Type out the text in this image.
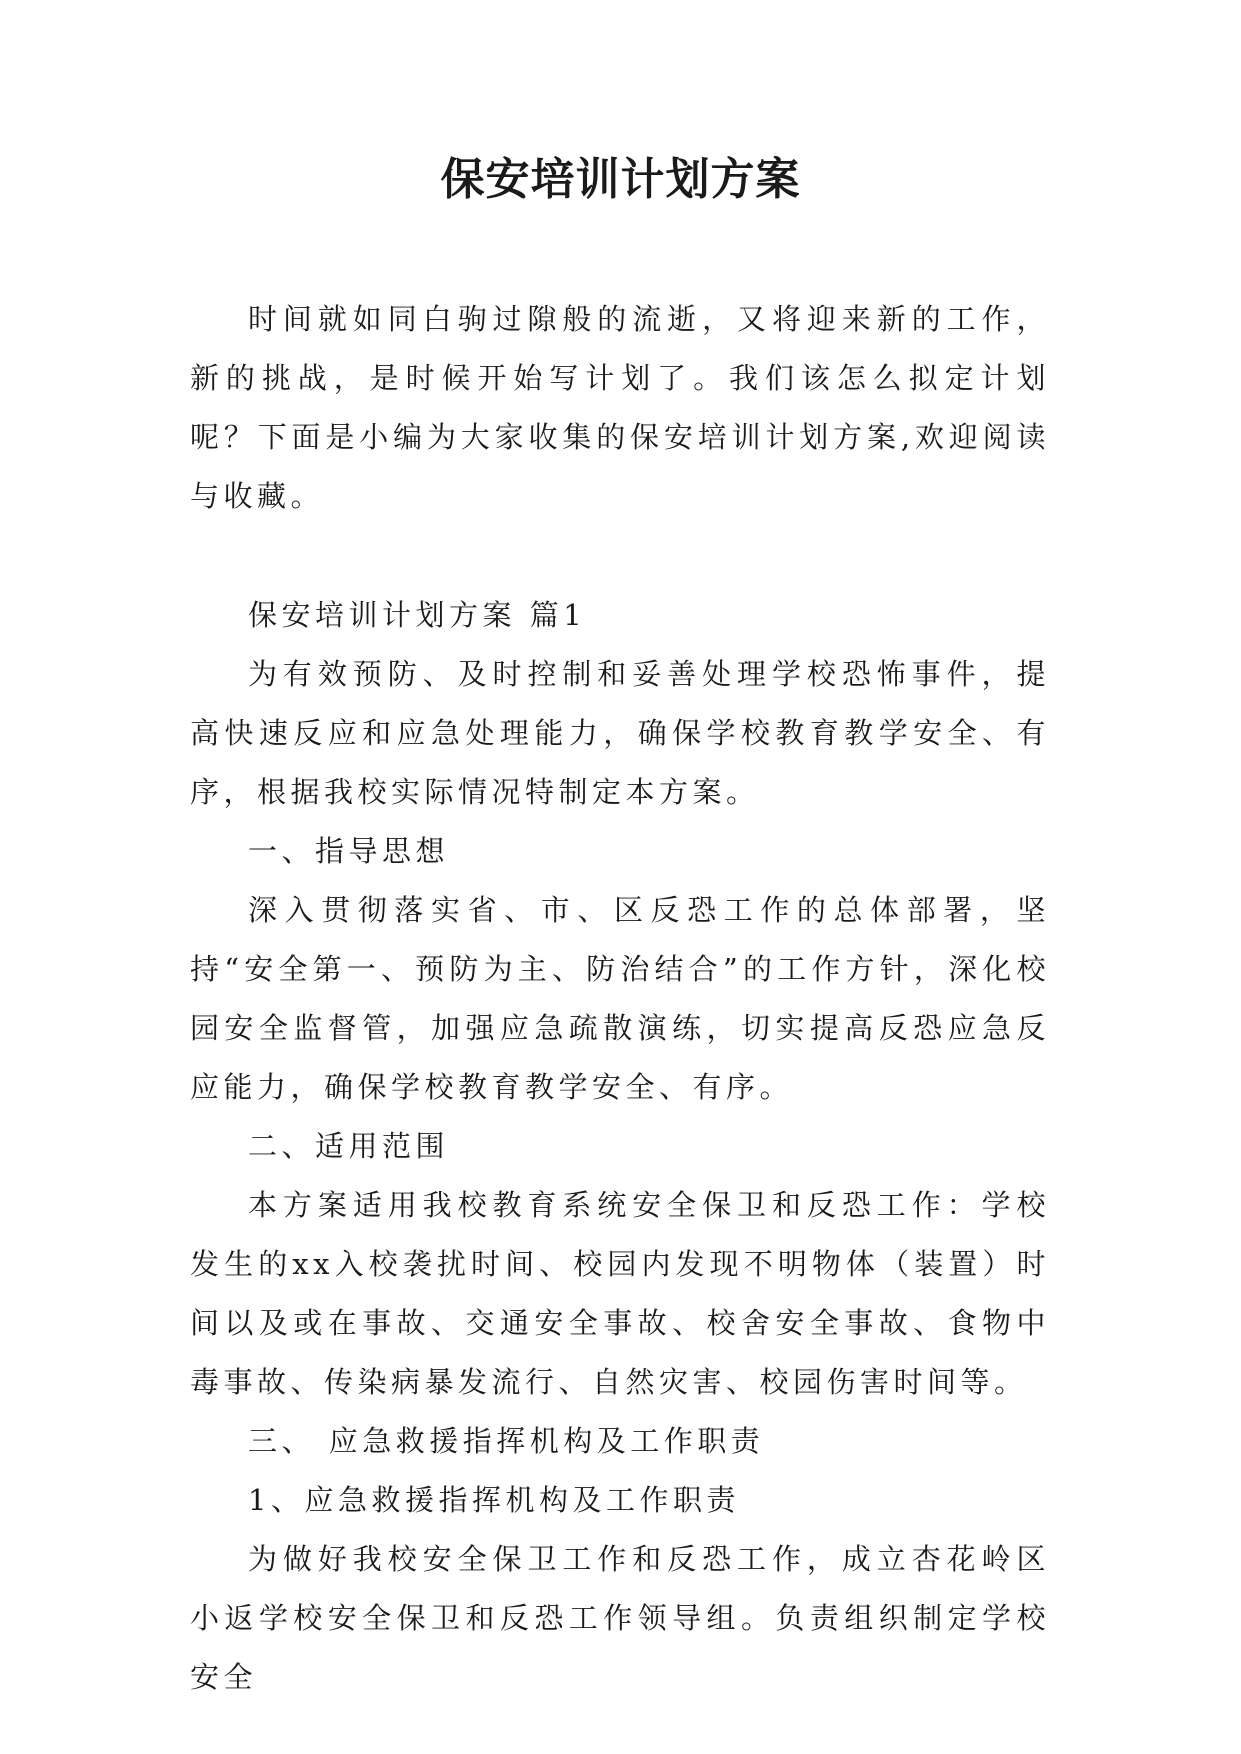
保安培训计划方案

时间就如同白驹过隙般的流逝，又将迎来新的工作，新的挑战，是时候开始写计划了。我们该怎么拟定计划呢？下面是小编为大家收集的保安培训计划方案,欢迎阅读与收藏。

保安培训计划方案 篇1

为有效预防、及时控制和妥善处理学校恐怖事件，提高快速反应和应急处理能力，确保学校教育教学安全、有序，根据我校实际情况特制定本方案。

一、指导思想

深入贯彻落实省、市、区反恐工作的总体部署，坚持“安全第一、预防为主、防治结合”的工作方针，深化校园安全监督管，加强应急疏散演练，切实提高反恐应急反应能力，确保学校教育教学安全、有序。

二、适用范围

本方案适用我校教育系统安全保卫和反恐工作：学校发生的xx入校袭扰时间、校园内发现不明物体（装置）时间以及或在事故、交通安全事故、校舍安全事故、食物中毒事故、传染病暴发流行、自然灾害、校园伤害时间等。

三、 应急救援指挥机构及工作职责

1、应急救援指挥机构及工作职责

为做好我校安全保卫工作和反恐工作，成立杏花岭区小返学校安全保卫和反恐工作领导组。负责组织制定学校安全
